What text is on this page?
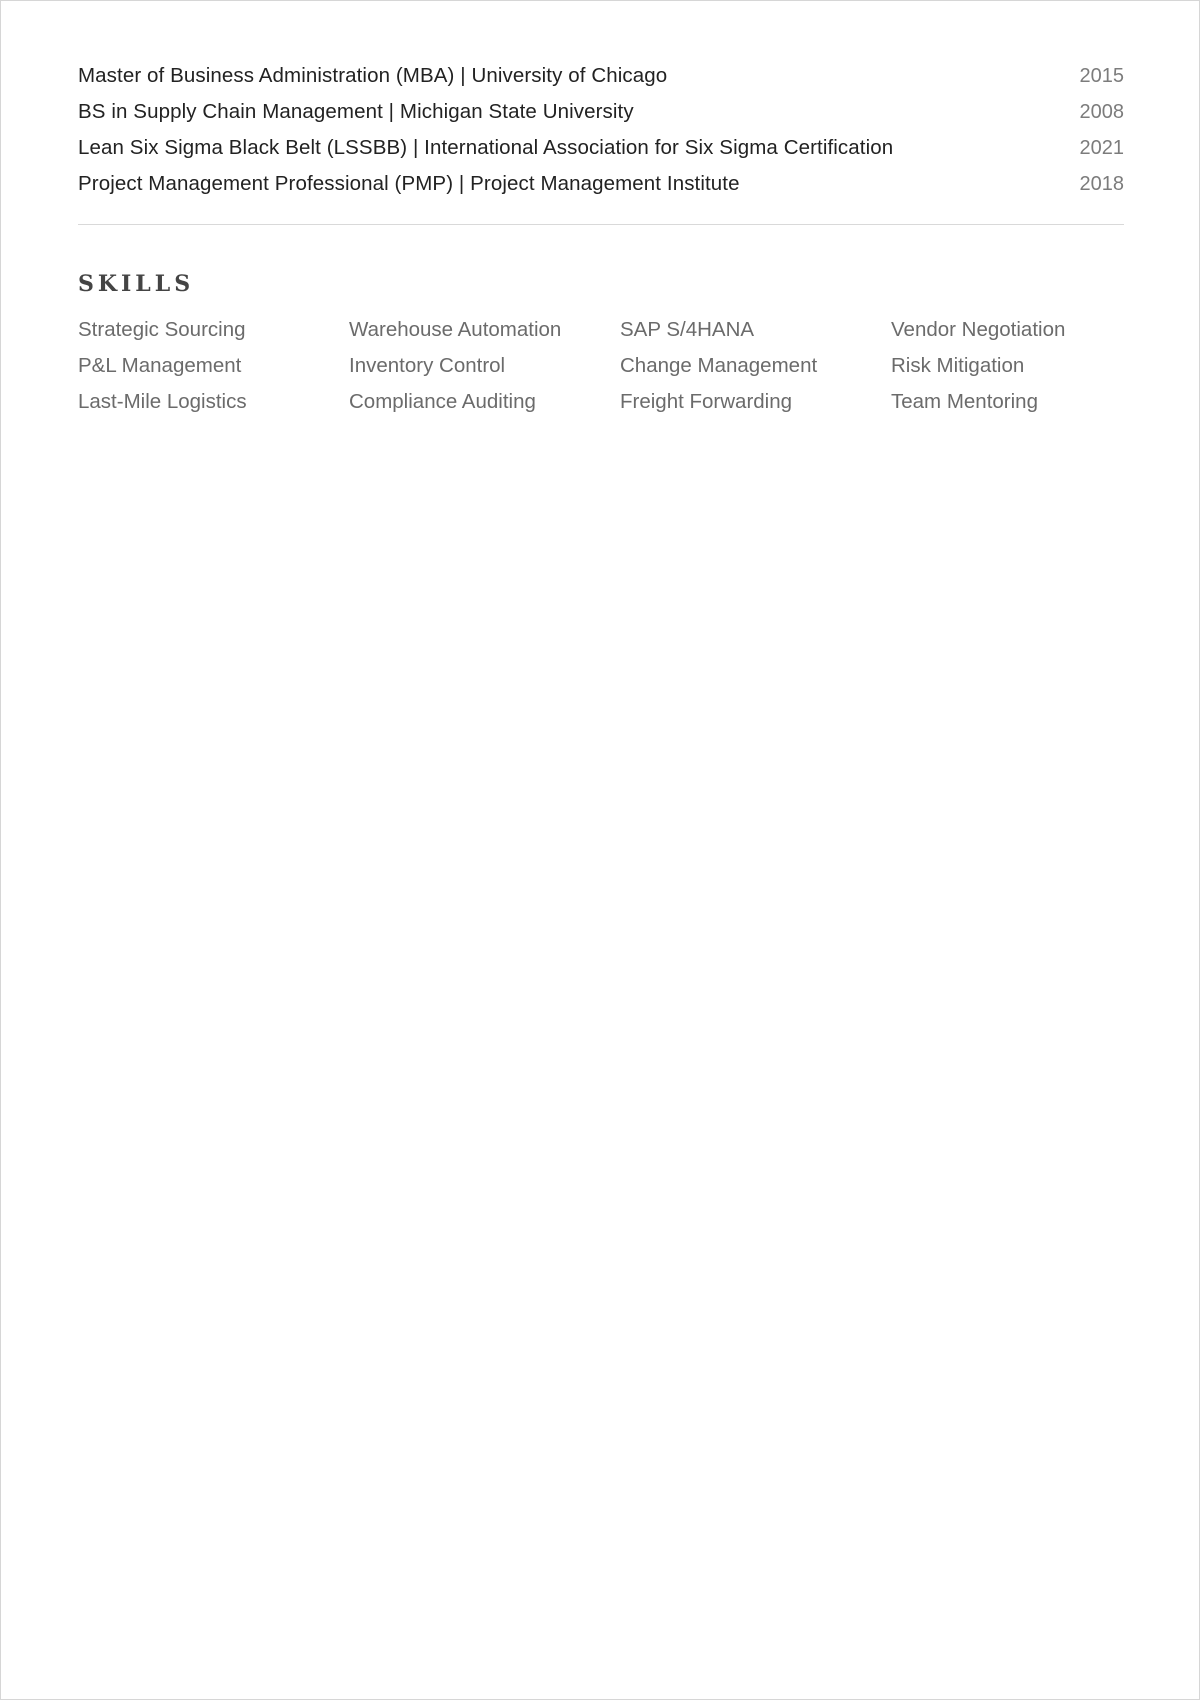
Master of Business Administration (MBA) | University of Chicago	2015
BS in Supply Chain Management | Michigan State University	2008
Lean Six Sigma Black Belt (LSSBB) | International Association for Six Sigma Certification	2021
Project Management Professional (PMP) | Project Management Institute	2018
SKILLS
Strategic Sourcing	Warehouse Automation	SAP S/4HANA	Vendor Negotiation
P&L Management	Inventory Control	Change Management	Risk Mitigation
Last-Mile Logistics	Compliance Auditing	Freight Forwarding	Team Mentoring
